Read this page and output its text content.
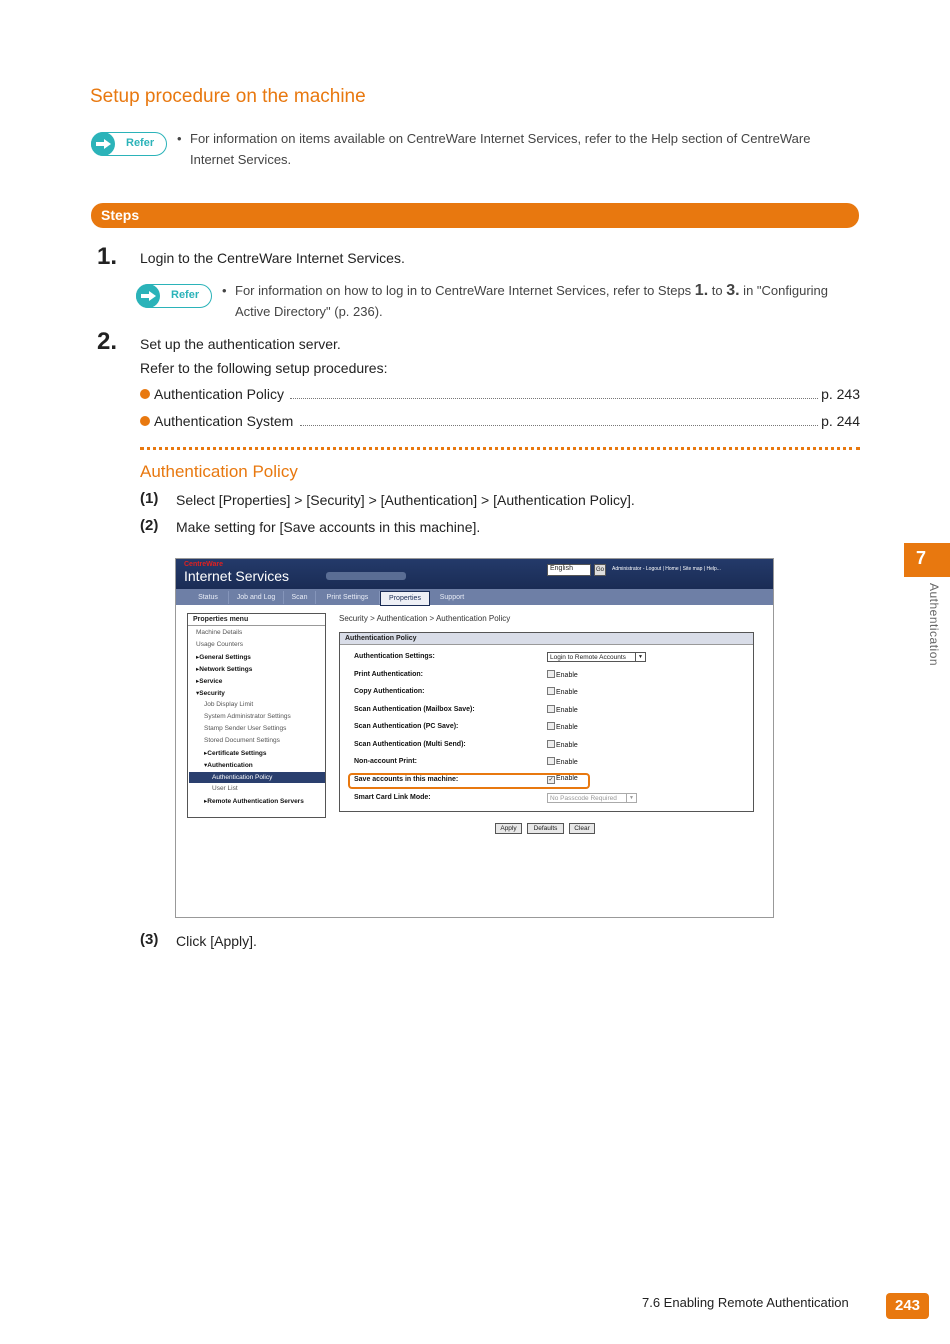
Setup procedure on the machine
Refer • For information on items available on CentreWare Internet Services, refer to the Help section of CentreWare
Internet Services.
Steps
1. Login to the CentreWare Internet Services.
Refer • For information on how to log in to CentreWare Internet Services, refer to Steps 1. to 3. in "Configuring
Active Directory" (p. 236).
2. Set up the authentication server.
Refer to the following setup procedures:
Authentication Policy	p. 243
Authentication System	p. 244
Authentication Policy
(1) Select [Properties] > [Security] > [Authentication] > [Authentication Policy].
(2) Make setting for [Save accounts in this machine].
CentreWare
Internet Services	English	Go	Administrator - Logout | Home | Site map | Help...
Status	Job and Log	Scan	Print Settings	Properties	Support
Properties menu
Machine Details
Usage Counters
▸General Settings
▸Network Settings
▸Service
▾Security
Job Display Limit
System Administrator Settings
Stamp Sender User Settings
Stored Document Settings
▸Certificate Settings
▾Authentication
Authentication Policy
User List
▸Remote Authentication Servers
Security > Authentication > Authentication Policy
Authentication Policy
Authentication Settings:	Login to Remote Accounts	▼
Print Authentication:	Enable
Copy Authentication:	Enable
Scan Authentication (Mailbox Save):	Enable
Scan Authentication (PC Save):	Enable
Scan Authentication (Multi Send):	Enable
Non-account Print:	Enable
Save accounts in this machine:	✓ Enable
Smart Card Link Mode:	No Passcode Required	▼
Apply	Defaults	Clear
(3) Click [Apply].
7
Authentication
7.6 Enabling Remote Authentication	243
